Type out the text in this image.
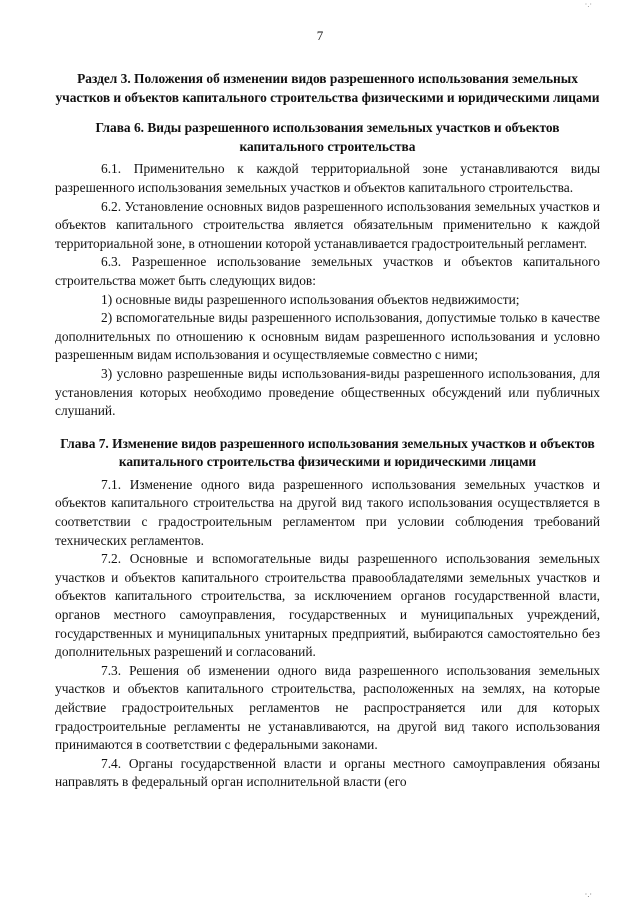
·.·
7
Раздел 3. Положения об изменении видов разрешенного использования земельных участков и объектов капитального строительства физическими и юридическими лицами
Глава 6. Виды разрешенного использования земельных участков и объектов капитального строительства

6.1. Применительно к каждой территориальной зоне устанавливаются виды разрешенного использования земельных участков и объектов капитального строительства.

6.2. Установление основных видов разрешенного использования земельных участков и объектов капитального строительства является обязательным применительно к каждой территориальной зоне, в отношении которой устанавливается градостроительный регламент.

6.3. Разрешенное использование земельных участков и объектов капитального строительства может быть следующих видов:

1) основные виды разрешенного использования объектов недвижимости;

2) вспомогательные виды разрешенного использования, допустимые только в качестве дополнительных по отношению к основным видам разрешенного использования и условно разрешенным видам использования и осуществляемые совместно с ними;

3) условно разрешенные виды использования-виды разрешенного использования, для установления которых необходимо проведение общественных обсуждений или публичных слушаний.

Глава 7. Изменение видов разрешенного использования земельных участков и объектов капитального строительства физическими и юридическими лицами

7.1. Изменение одного вида разрешенного использования земельных участков и объектов капитального строительства на другой вид такого использования осуществляется в соответствии с градостроительным регламентом при условии соблюдения требований технических регламентов.

7.2. Основные и вспомогательные виды разрешенного использования земельных участков и объектов капитального строительства правообладателями земельных участков и объектов капитального строительства, за исключением органов государственной власти, органов местного самоуправления, государственных и муниципальных учреждений, государственных и муниципальных унитарных предприятий, выбираются самостоятельно без дополнительных разрешений и согласований.

7.3. Решения об изменении одного вида разрешенного использования земельных участков и объектов капитального строительства, расположенных на землях, на которые действие градостроительных регламентов не распространяется или для которых градостроительные регламенты не устанавливаются, на другой вид такого использования принимаются в соответствии с федеральными законами.

7.4. Органы государственной власти и органы местного самоуправления обязаны направлять в федеральный орган исполнительной власти (его

·.·
